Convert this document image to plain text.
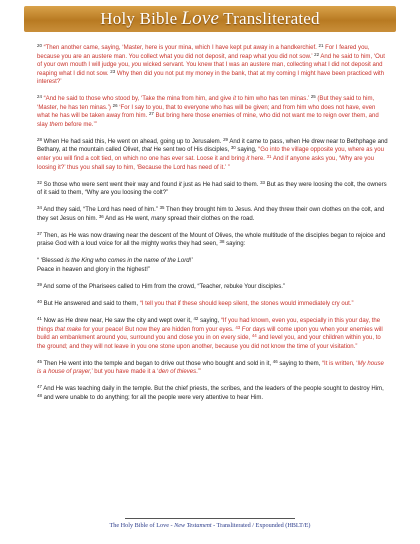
Holy Bible Love Transliterated

$^{20}$ “Then another came, saying, ‘Master, here is your mina, which I have kept put away in a handkerchief. $^{21}$ For I feared you, because you are an austere man. You collect what you did not deposit, and reap what you did not sow.’ $^{22}$ And he said to him, ‘Out of your own mouth I will judge you, you wicked servant. You knew that I was an austere man, collecting what I did not deposit and reaping what I did not sow. $^{23}$ Why then did you not put my money in the bank, that at my coming I might have been practiced with interest?’

$^{24}$ “And he said to those who stood by, ‘Take the mina from him, and give it to him who has ten minas.’ $^{25}$ (But they said to him, ‘Master, he has ten minas.’) $^{26}$ ‘For I say to you, that to everyone who has will be given; and from him who does not have, even what he has will be taken away from him. $^{27}$ But bring here those enemies of mine, who did not want me to reign over them, and slay them before me.’”

$^{28}$ When He had said this, He went on ahead, going up to Jerusalem. $^{29}$ And it came to pass, when He drew near to Bethphage and Bethany, at the mountain called Olivet, that He sent two of His disciples, $^{30}$ saying, “Go into the village opposite you, where as you enter you will find a colt tied, on which no one has ever sat. Loose it and bring it here. $^{31}$ And if anyone asks you, ‘Why are you loosing it?’ thus you shall say to him, ‘Because the Lord has need of it.’ ”

$^{32}$ So those who were sent went their way and found it just as He had said to them. $^{33}$ But as they were loosing the colt, the owners of it said to them, “Why are you loosing the colt?”

$^{34}$ And they said, “The Lord has need of him.” $^{35}$ Then they brought him to Jesus. And they threw their own clothes on the colt, and they set Jesus on him. $^{36}$ And as He went, many spread their clothes on the road.

$^{37}$ Then, as He was now drawing near the descent of the Mount of Olives, the whole multitude of the disciples began to rejoice and praise God with a loud voice for all the mighty works they had seen, $^{38}$ saying:

“ ‘Blessed is the King who comes in the name of the Lord!’

Peace in heaven and glory in the highest!”

$^{39}$ And some of the Pharisees called to Him from the crowd, “Teacher, rebuke Your disciples.”

$^{40}$ But He answered and said to them, “I tell you that if these should keep silent, the stones would immediately cry out.”

$^{41}$ Now as He drew near, He saw the city and wept over it, $^{42}$ saying, “If you had known, even you, especially in this your day, the things that make for your peace! But now they are hidden from your eyes. $^{43}$ For days will come upon you when your enemies will build an embankment around you, surround you and close you in on every side, $^{44}$ and level you, and your children within you, to the ground; and they will not leave in you one stone upon another, because you did not know the time of your visitation.”

$^{45}$ Then He went into the temple and began to drive out those who bought and sold in it, $^{46}$ saying to them, “It is written, ‘My house is a house of prayer,’ but you have made it a ‘den of thieves.’”

$^{47}$ And He was teaching daily in the temple. But the chief priests, the scribes, and the leaders of the people sought to destroy Him, $^{48}$ and were unable to do anything; for all the people were very attentive to hear Him.

The Holy Bible of Love - New Testament - Transliterated / Expounded (HBLT/E)
